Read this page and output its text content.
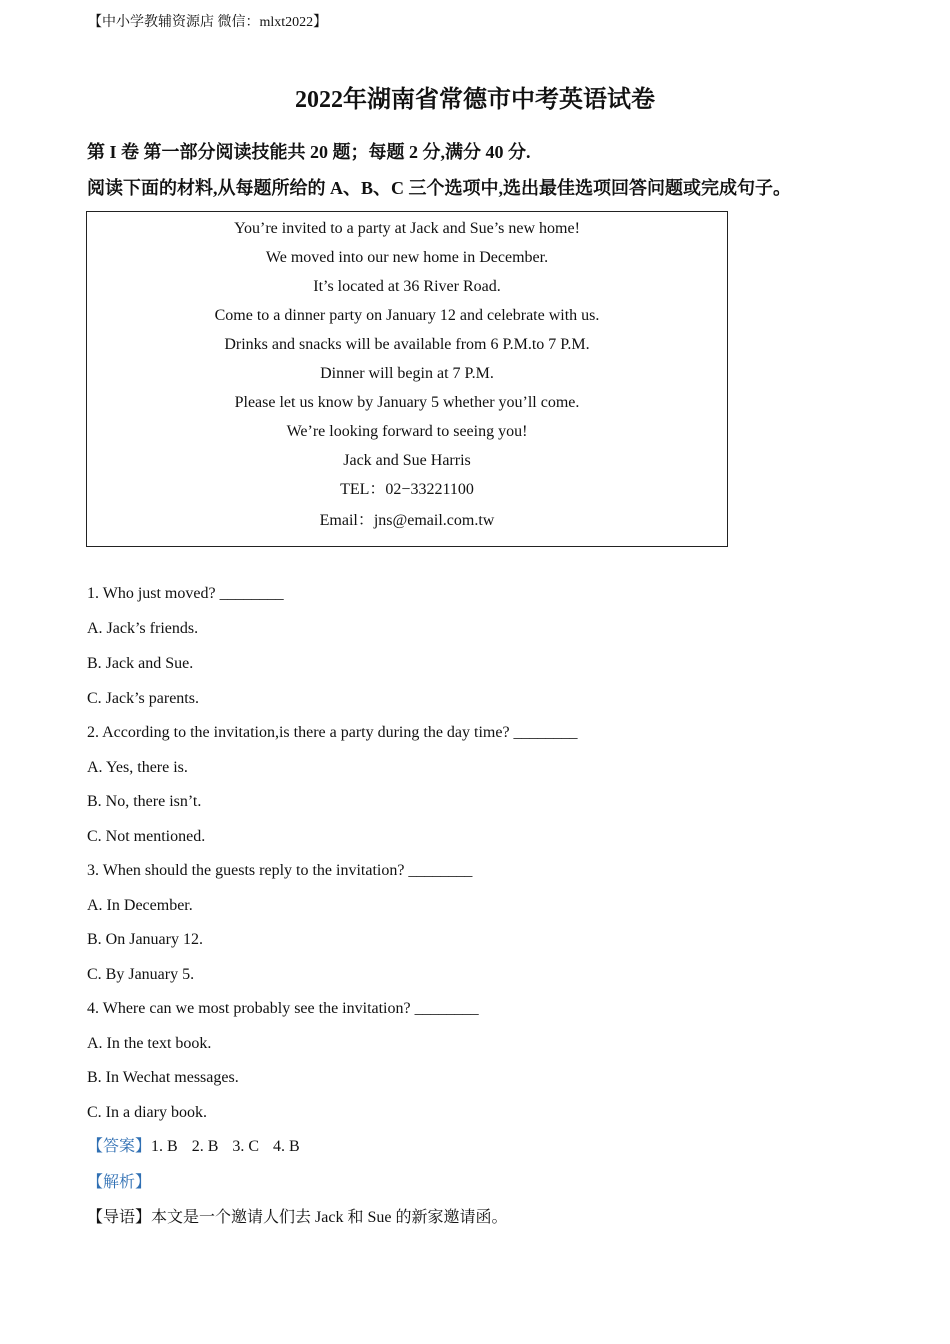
【中小学教辅资源店 微信：mlxt2022】
2022年湖南省常德市中考英语试卷
第 I 卷 第一部分阅读技能共 20 题；每题 2 分,满分 40 分.
阅读下面的材料,从每题所给的 A、B、C 三个选项中,选出最佳选项回答问题或完成句子。
You’re invited to a party at Jack and Sue’s new home!
We moved into our new home in December.
It’s located at 36 River Road.
Come to a dinner party on January 12 and celebrate with us.
Drinks and snacks will be available from 6 P.M.to 7 P.M.
Dinner will begin at 7 P.M.
Please let us know by January 5 whether you’ll come.
We’re looking forward to seeing you!
Jack and Sue Harris
TEL：02−33221100
Email：jns@email.com.tw
1. Who just moved? ________
A. Jack’s friends.
B. Jack and Sue.
C. Jack’s parents.
2. According to the invitation,is there a party during the day time? ________
A. Yes, there is.
B. No, there isn’t.
C. Not mentioned.
3. When should the guests reply to the invitation? ________
A. In December.
B. On January 12.
C. By January 5.
4. Where can we most probably see the invitation? ________
A. In the text book.
B. In Wechat messages.
C. In a diary book.
【答案】1. B 2. B 3. C 4. B
【解析】
【导语】本文是一个邀请人们去 Jack 和 Sue 的新家邀请函。
